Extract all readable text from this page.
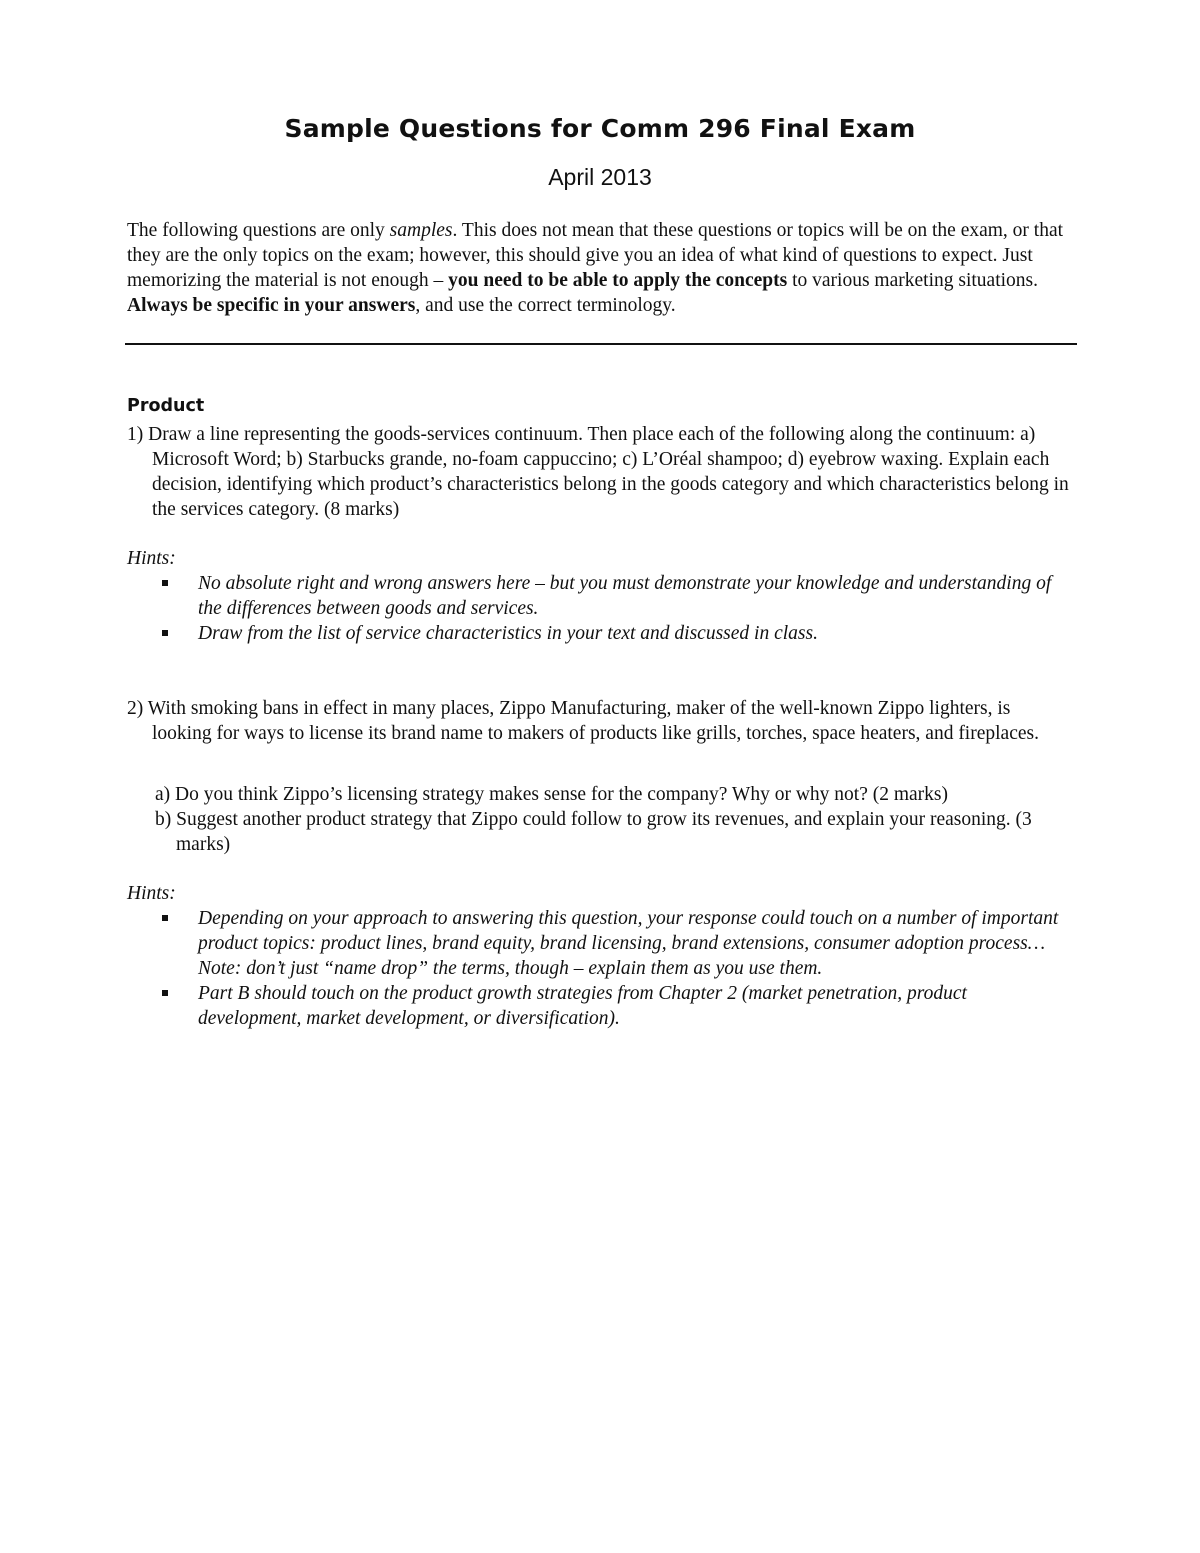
Sample Questions for Comm 296 Final Exam
April 2013
The following questions are only samples. This does not mean that these questions or topics will be on the exam, or that they are the only topics on the exam; however, this should give you an idea of what kind of questions to expect. Just memorizing the material is not enough – you need to be able to apply the concepts to various marketing situations. Always be specific in your answers, and use the correct terminology.
Product
1) Draw a line representing the goods-services continuum. Then place each of the following along the continuum: a) Microsoft Word; b) Starbucks grande, no-foam cappuccino; c) L’Oréal shampoo; d) eyebrow waxing. Explain each decision, identifying which product’s characteristics belong in the goods category and which characteristics belong in the services category. (8 marks)
Hints:
No absolute right and wrong answers here – but you must demonstrate your knowledge and understanding of the differences between goods and services.
Draw from the list of service characteristics in your text and discussed in class.
2) With smoking bans in effect in many places, Zippo Manufacturing, maker of the well-known Zippo lighters, is looking for ways to license its brand name to makers of products like grills, torches, space heaters, and fireplaces.
a) Do you think Zippo’s licensing strategy makes sense for the company? Why or why not? (2 marks)
b) Suggest another product strategy that Zippo could follow to grow its revenues, and explain your reasoning. (3 marks)
Hints:
Depending on your approach to answering this question, your response could touch on a number of important product topics: product lines, brand equity, brand licensing, brand extensions, consumer adoption process… Note: don’t just “name drop” the terms, though – explain them as you use them.
Part B should touch on the product growth strategies from Chapter 2 (market penetration, product development, market development, or diversification).
